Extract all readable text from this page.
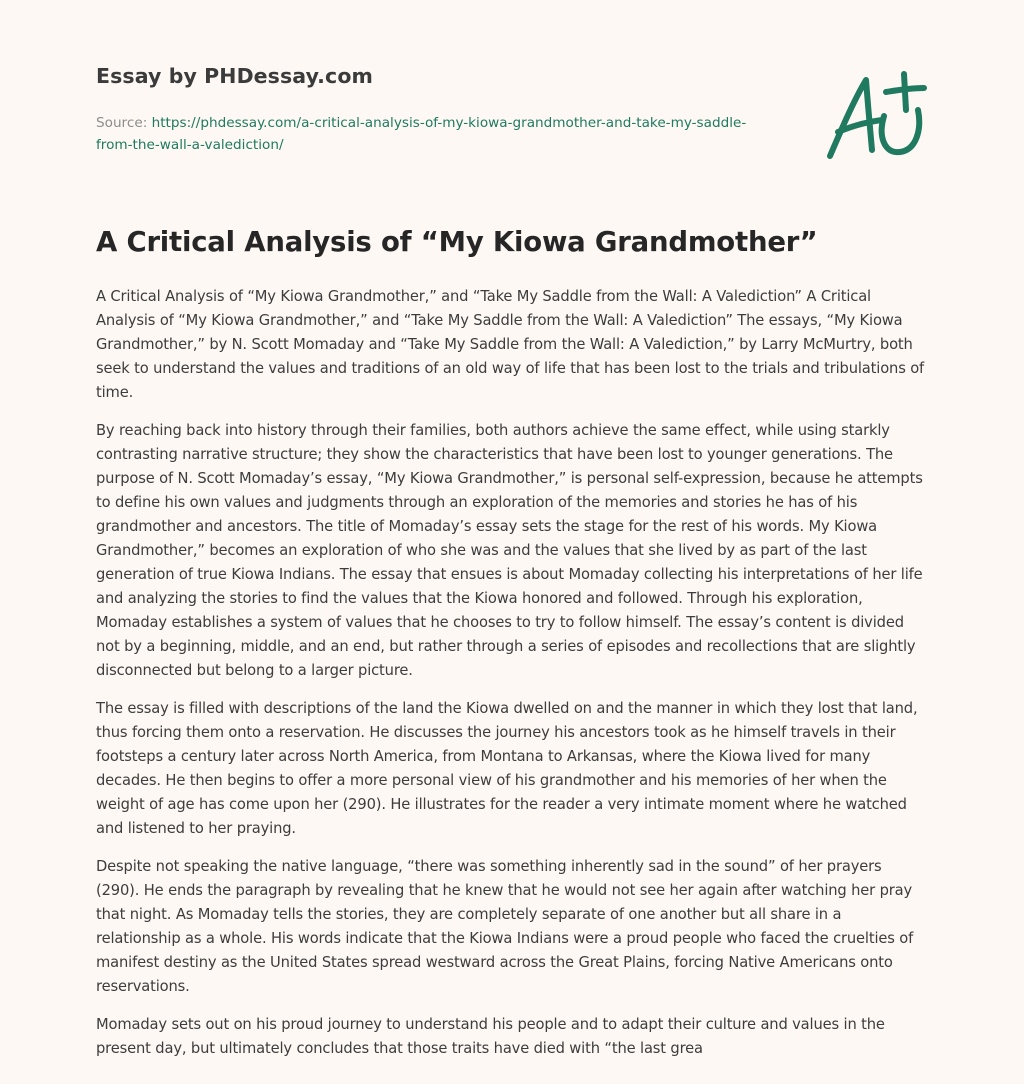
Essay by PHDessay.com
Source: https://phdessay.com/a-critical-analysis-of-my-kiowa-grandmother-and-take-my-saddle-from-the-wall-a-valediction/
A Critical Analysis of “My Kiowa Grandmother”

A Critical Analysis of “My Kiowa Grandmother,” and “Take My Saddle from the Wall: A Valediction” A Critical Analysis of “My Kiowa Grandmother,” and “Take My Saddle from the Wall: A Valediction” The essays, “My Kiowa Grandmother,” by N. Scott Momaday and “Take My Saddle from the Wall: A Valediction,” by Larry McMurtry, both seek to understand the values and traditions of an old way of life that has been lost to the trials and tribulations of time.

By reaching back into history through their families, both authors achieve the same effect, while using starkly contrasting narrative structure; they show the characteristics that have been lost to younger generations. The purpose of N. Scott Momaday’s essay, “My Kiowa Grandmother,” is personal self-expression, because he attempts to define his own values and judgments through an exploration of the memories and stories he has of his grandmother and ancestors. The title of Momaday’s essay sets the stage for the rest of his words. My Kiowa Grandmother,” becomes an exploration of who she was and the values that she lived by as part of the last generation of true Kiowa Indians. The essay that ensues is about Momaday collecting his interpretations of her life and analyzing the stories to find the values that the Kiowa honored and followed. Through his exploration, Momaday establishes a system of values that he chooses to try to follow himself. The essay’s content is divided not by a beginning, middle, and an end, but rather through a series of episodes and recollections that are slightly disconnected but belong to a larger picture.

The essay is filled with descriptions of the land the Kiowa dwelled on and the manner in which they lost that land, thus forcing them onto a reservation. He discusses the journey his ancestors took as he himself travels in their footsteps a century later across North America, from Montana to Arkansas, where the Kiowa lived for many decades. He then begins to offer a more personal view of his grandmother and his memories of her when the weight of age has come upon her (290). He illustrates for the reader a very intimate moment where he watched and listened to her praying.

Despite not speaking the native language, “there was something inherently sad in the sound” of her prayers (290). He ends the paragraph by revealing that he knew that he would not see her again after watching her pray that night. As Momaday tells the stories, they are completely separate of one another but all share in a relationship as a whole. His words indicate that the Kiowa Indians were a proud people who faced the cruelties of manifest destiny as the United States spread westward across the Great Plains, forcing Native Americans onto reservations.

Momaday sets out on his proud journey to understand his people and to adapt their culture and values in the present day, but ultimately concludes that those traits have died with “the last grea
